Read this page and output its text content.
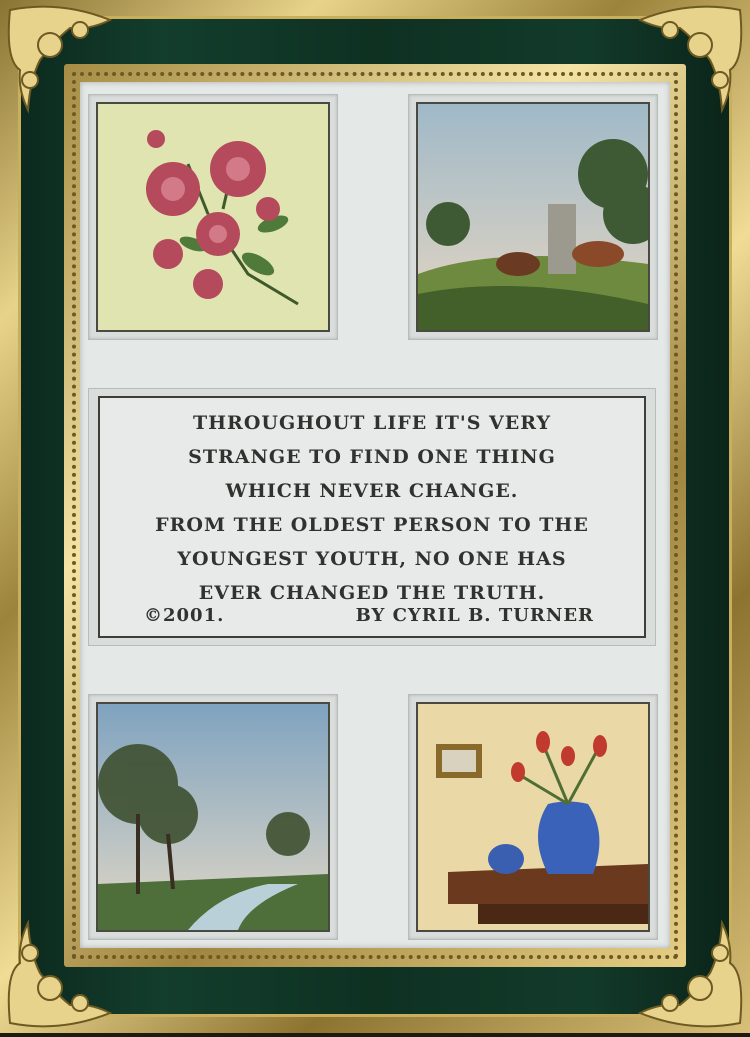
THROUGHOUT LIFE IT'S VERY
STRANGE TO FIND ONE THING
WHICH NEVER CHANGE.
FROM THE OLDEST PERSON TO THE
YOUNGEST YOUTH, NO ONE HAS
EVER CHANGED THE TRUTH.
©2001.	BY CYRIL B. TURNER
